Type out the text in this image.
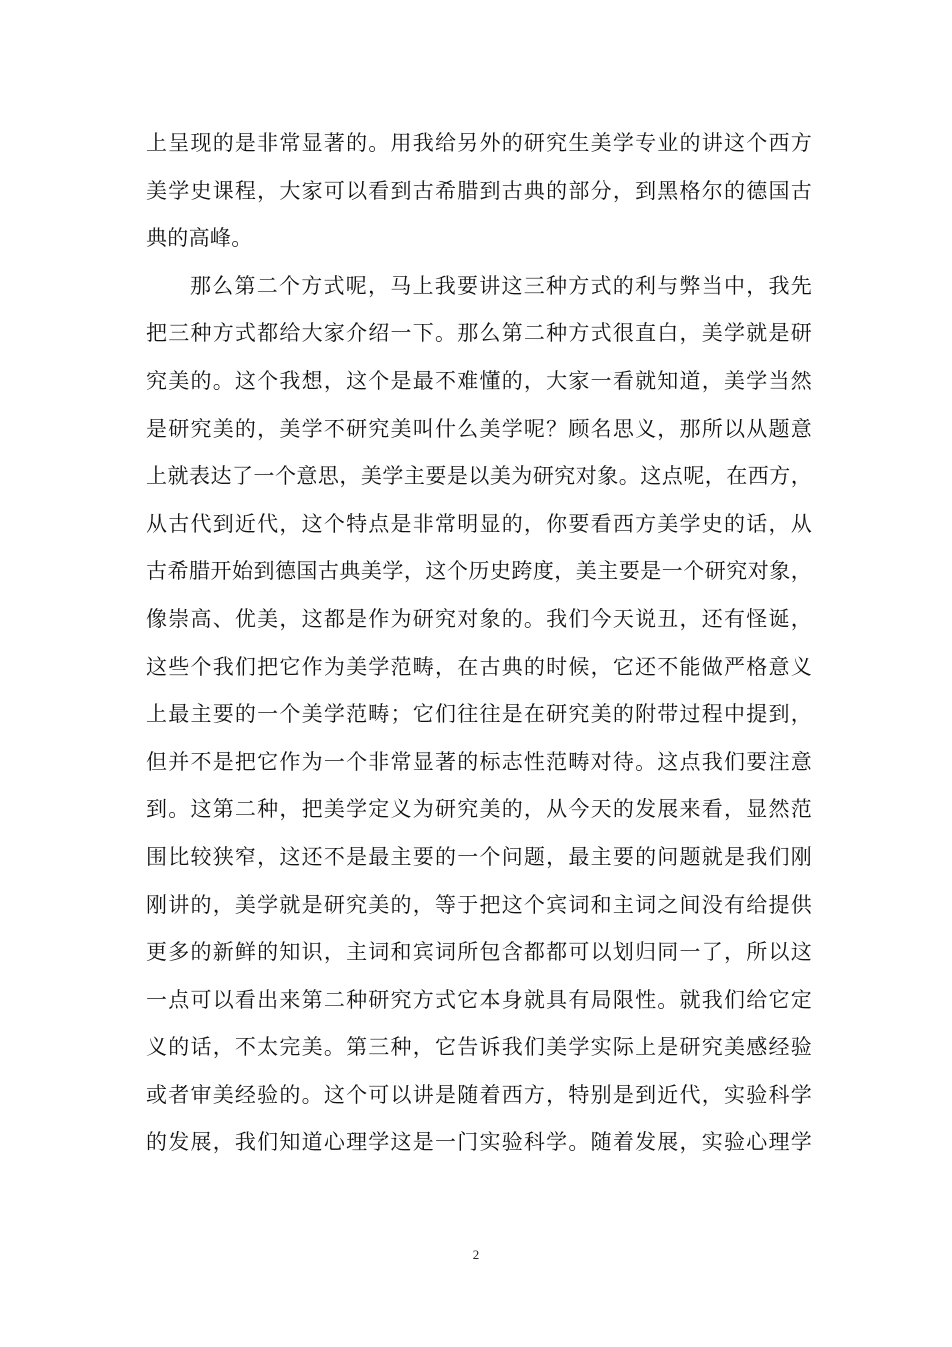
上呈现的是非常显著的。用我给另外的研究生美学专业的讲这个西方
美学史课程，大家可以看到古希腊到古典的部分，到黑格尔的德国古
典的高峰。
那么第二个方式呢，马上我要讲这三种方式的利与弊当中，我先
把三种方式都给大家介绍一下。那么第二种方式很直白，美学就是研
究美的。这个我想，这个是最不难懂的，大家一看就知道，美学当然
是研究美的，美学不研究美叫什么美学呢？顾名思义，那所以从题意
上就表达了一个意思，美学主要是以美为研究对象。这点呢，在西方，
从古代到近代，这个特点是非常明显的，你要看西方美学史的话，从
古希腊开始到德国古典美学，这个历史跨度，美主要是一个研究对象，
像崇高、优美，这都是作为研究对象的。我们今天说丑，还有怪诞，
这些个我们把它作为美学范畴，在古典的时候，它还不能做严格意义
上最主要的一个美学范畴；它们往往是在研究美的附带过程中提到，
但并不是把它作为一个非常显著的标志性范畴对待。这点我们要注意
到。这第二种，把美学定义为研究美的，从今天的发展来看，显然范
围比较狭窄，这还不是最主要的一个问题，最主要的问题就是我们刚
刚讲的，美学就是研究美的，等于把这个宾词和主词之间没有给提供
更多的新鲜的知识，主词和宾词所包含都都可以划归同一了，所以这
一点可以看出来第二种研究方式它本身就具有局限性。就我们给它定
义的话，不太完美。第三种，它告诉我们美学实际上是研究美感经验
或者审美经验的。这个可以讲是随着西方，特别是到近代，实验科学
的发展，我们知道心理学这是一门实验科学。随着发展，实验心理学
2
